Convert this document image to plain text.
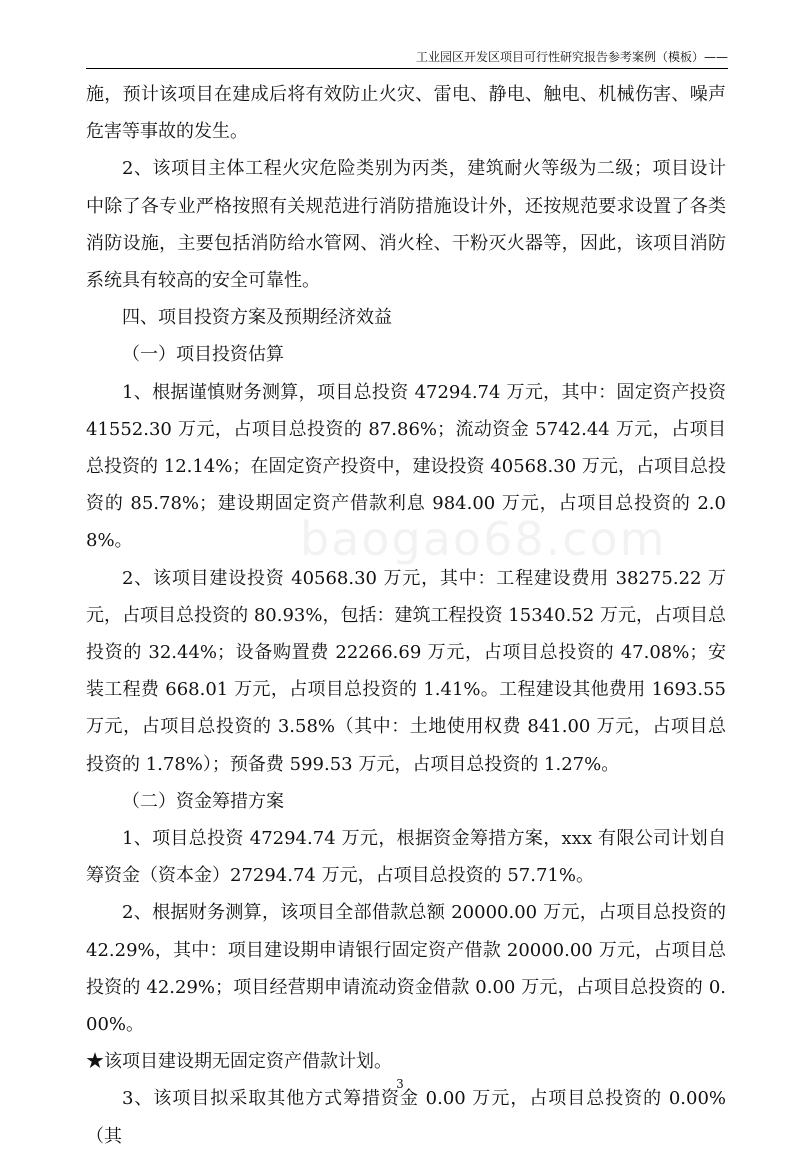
工业园区开发区项目可行性研究报告参考案例（模板）——
baogao68.com

施，预计该项目在建成后将有效防止火灾、雷电、静电、触电、机械伤害、噪声危害等事故的发生。

2、该项目主体工程火灾危险类别为丙类，建筑耐火等级为二级；项目设计中除了各专业严格按照有关规范进行消防措施设计外，还按规范要求设置了各类消防设施，主要包括消防给水管网、消火栓、干粉灭火器等，因此，该项目消防系统具有较高的安全可靠性。

四、项目投资方案及预期经济效益

（一）项目投资估算

1、根据谨慎财务测算，项目总投资 47294.74 万元，其中：固定资产投资 41552.30 万元，占项目总投资的 87.86%；流动资金 5742.44 万元，占项目总投资的 12.14%；在固定资产投资中，建设投资 40568.30 万元，占项目总投资的 85.78%；建设期固定资产借款利息 984.00 万元，占项目总投资的 2.08%。

2、该项目建设投资 40568.30 万元，其中：工程建设费用 38275.22 万元，占项目总投资的 80.93%，包括：建筑工程投资 15340.52 万元，占项目总投资的 32.44%；设备购置费 22266.69 万元，占项目总投资的 47.08%；安装工程费 668.01 万元，占项目总投资的 1.41%。工程建设其他费用 1693.55 万元，占项目总投资的 3.58%（其中：土地使用权费 841.00 万元，占项目总投资的 1.78%）；预备费 599.53 万元，占项目总投资的 1.27%。

（二）资金筹措方案

1、项目总投资 47294.74 万元，根据资金筹措方案，xxx 有限公司计划自筹资金（资本金）27294.74 万元，占项目总投资的 57.71%。

2、根据财务测算，该项目全部借款总额 20000.00 万元，占项目总投资的 42.29%，其中：项目建设期申请银行固定资产借款 20000.00 万元，占项目总投资的 42.29%；项目经营期申请流动资金借款 0.00 万元，占项目总投资的 0.00%。

★该项目建设期无固定资产借款计划。

3、该项目拟采取其他方式筹措资金 0.00 万元，占项目总投资的 0.00%（其

3
